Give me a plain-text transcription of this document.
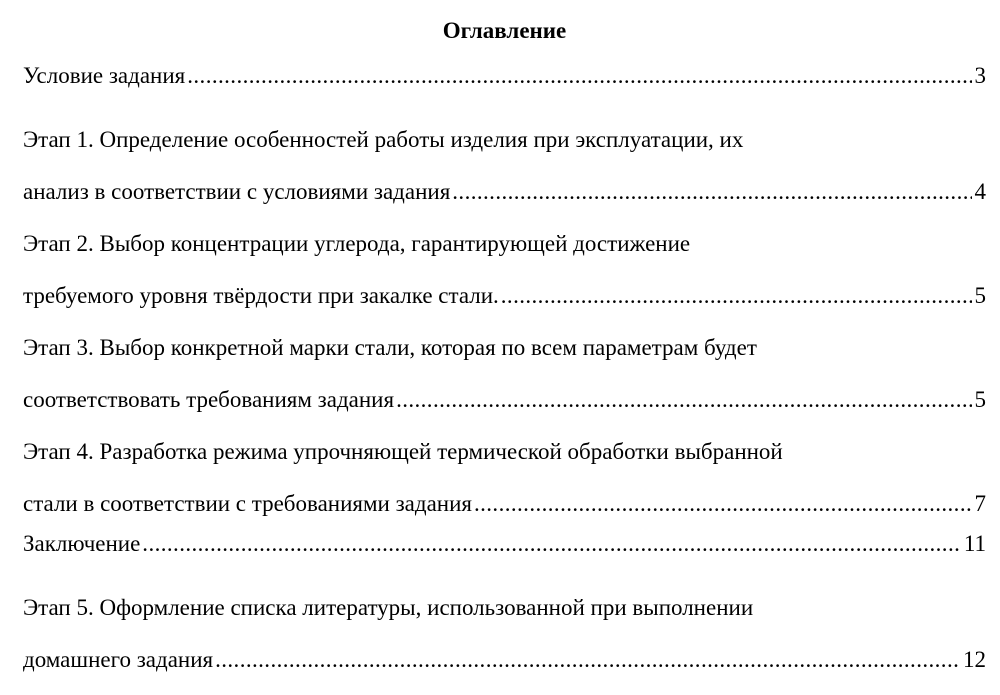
Оглавление
Условие задания .....	3
Этап 1. Определение особенностей работы изделия при эксплуатации, их
анализ в соответствии с условиями задания .....	4
Этап 2. Выбор концентрации углерода, гарантирующей достижение
требуемого уровня твёрдости при закалке стали. .....	5
Этап 3. Выбор конкретной марки стали, которая по всем параметрам будет
соответствовать требованиям задания .....	5
Этап 4. Разработка режима упрочняющей термической обработки выбранной
стали в соответствии с требованиями задания .....	7
Заключение .....	11
Этап 5. Оформление списка литературы, использованной при выполнении
домашнего задания .....	12
